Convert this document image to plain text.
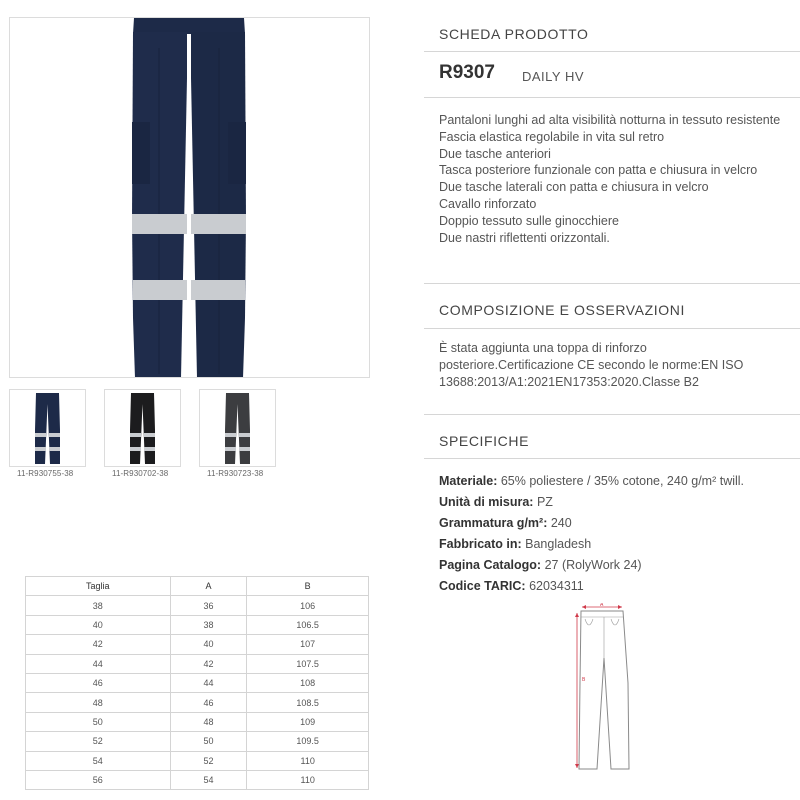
11-R930755-38	11-R930702-38	11-R930723-38
Taglia	A	B
38	36	106
40	38	106.5
42	40	107
44	42	107.5
46	44	108
48	46	108.5
50	48	109
52	50	109.5
54	52	110
56	54	110
SCHEDA PRODOTTO
R9307 DAILY HV
Pantaloni lunghi ad alta visibilità notturna in tessuto resistente
Fascia elastica regolabile in vita sul retro
Due tasche anteriori
Tasca posteriore funzionale con patta e chiusura in velcro
Due tasche laterali con patta e chiusura in velcro
Cavallo rinforzato
Doppio tessuto sulle ginocchiere
Due nastri riflettenti orizzontali.
COMPOSIZIONE E OSSERVAZIONI
È stata aggiunta una toppa di rinforzo posteriore.Certificazione CE secondo le norme:EN ISO 13688:2013/A1:2021EN17353:2020.Classe B2
SPECIFICHE
Materiale: 65% poliestere / 35% cotone, 240 g/m² twill.
Unità di misura: PZ
Grammatura g/m²: 240
Fabbricato in: Bangladesh
Pagina Catalogo: 27 (RolyWork 24)
Codice TARIC: 62034311
A
B
